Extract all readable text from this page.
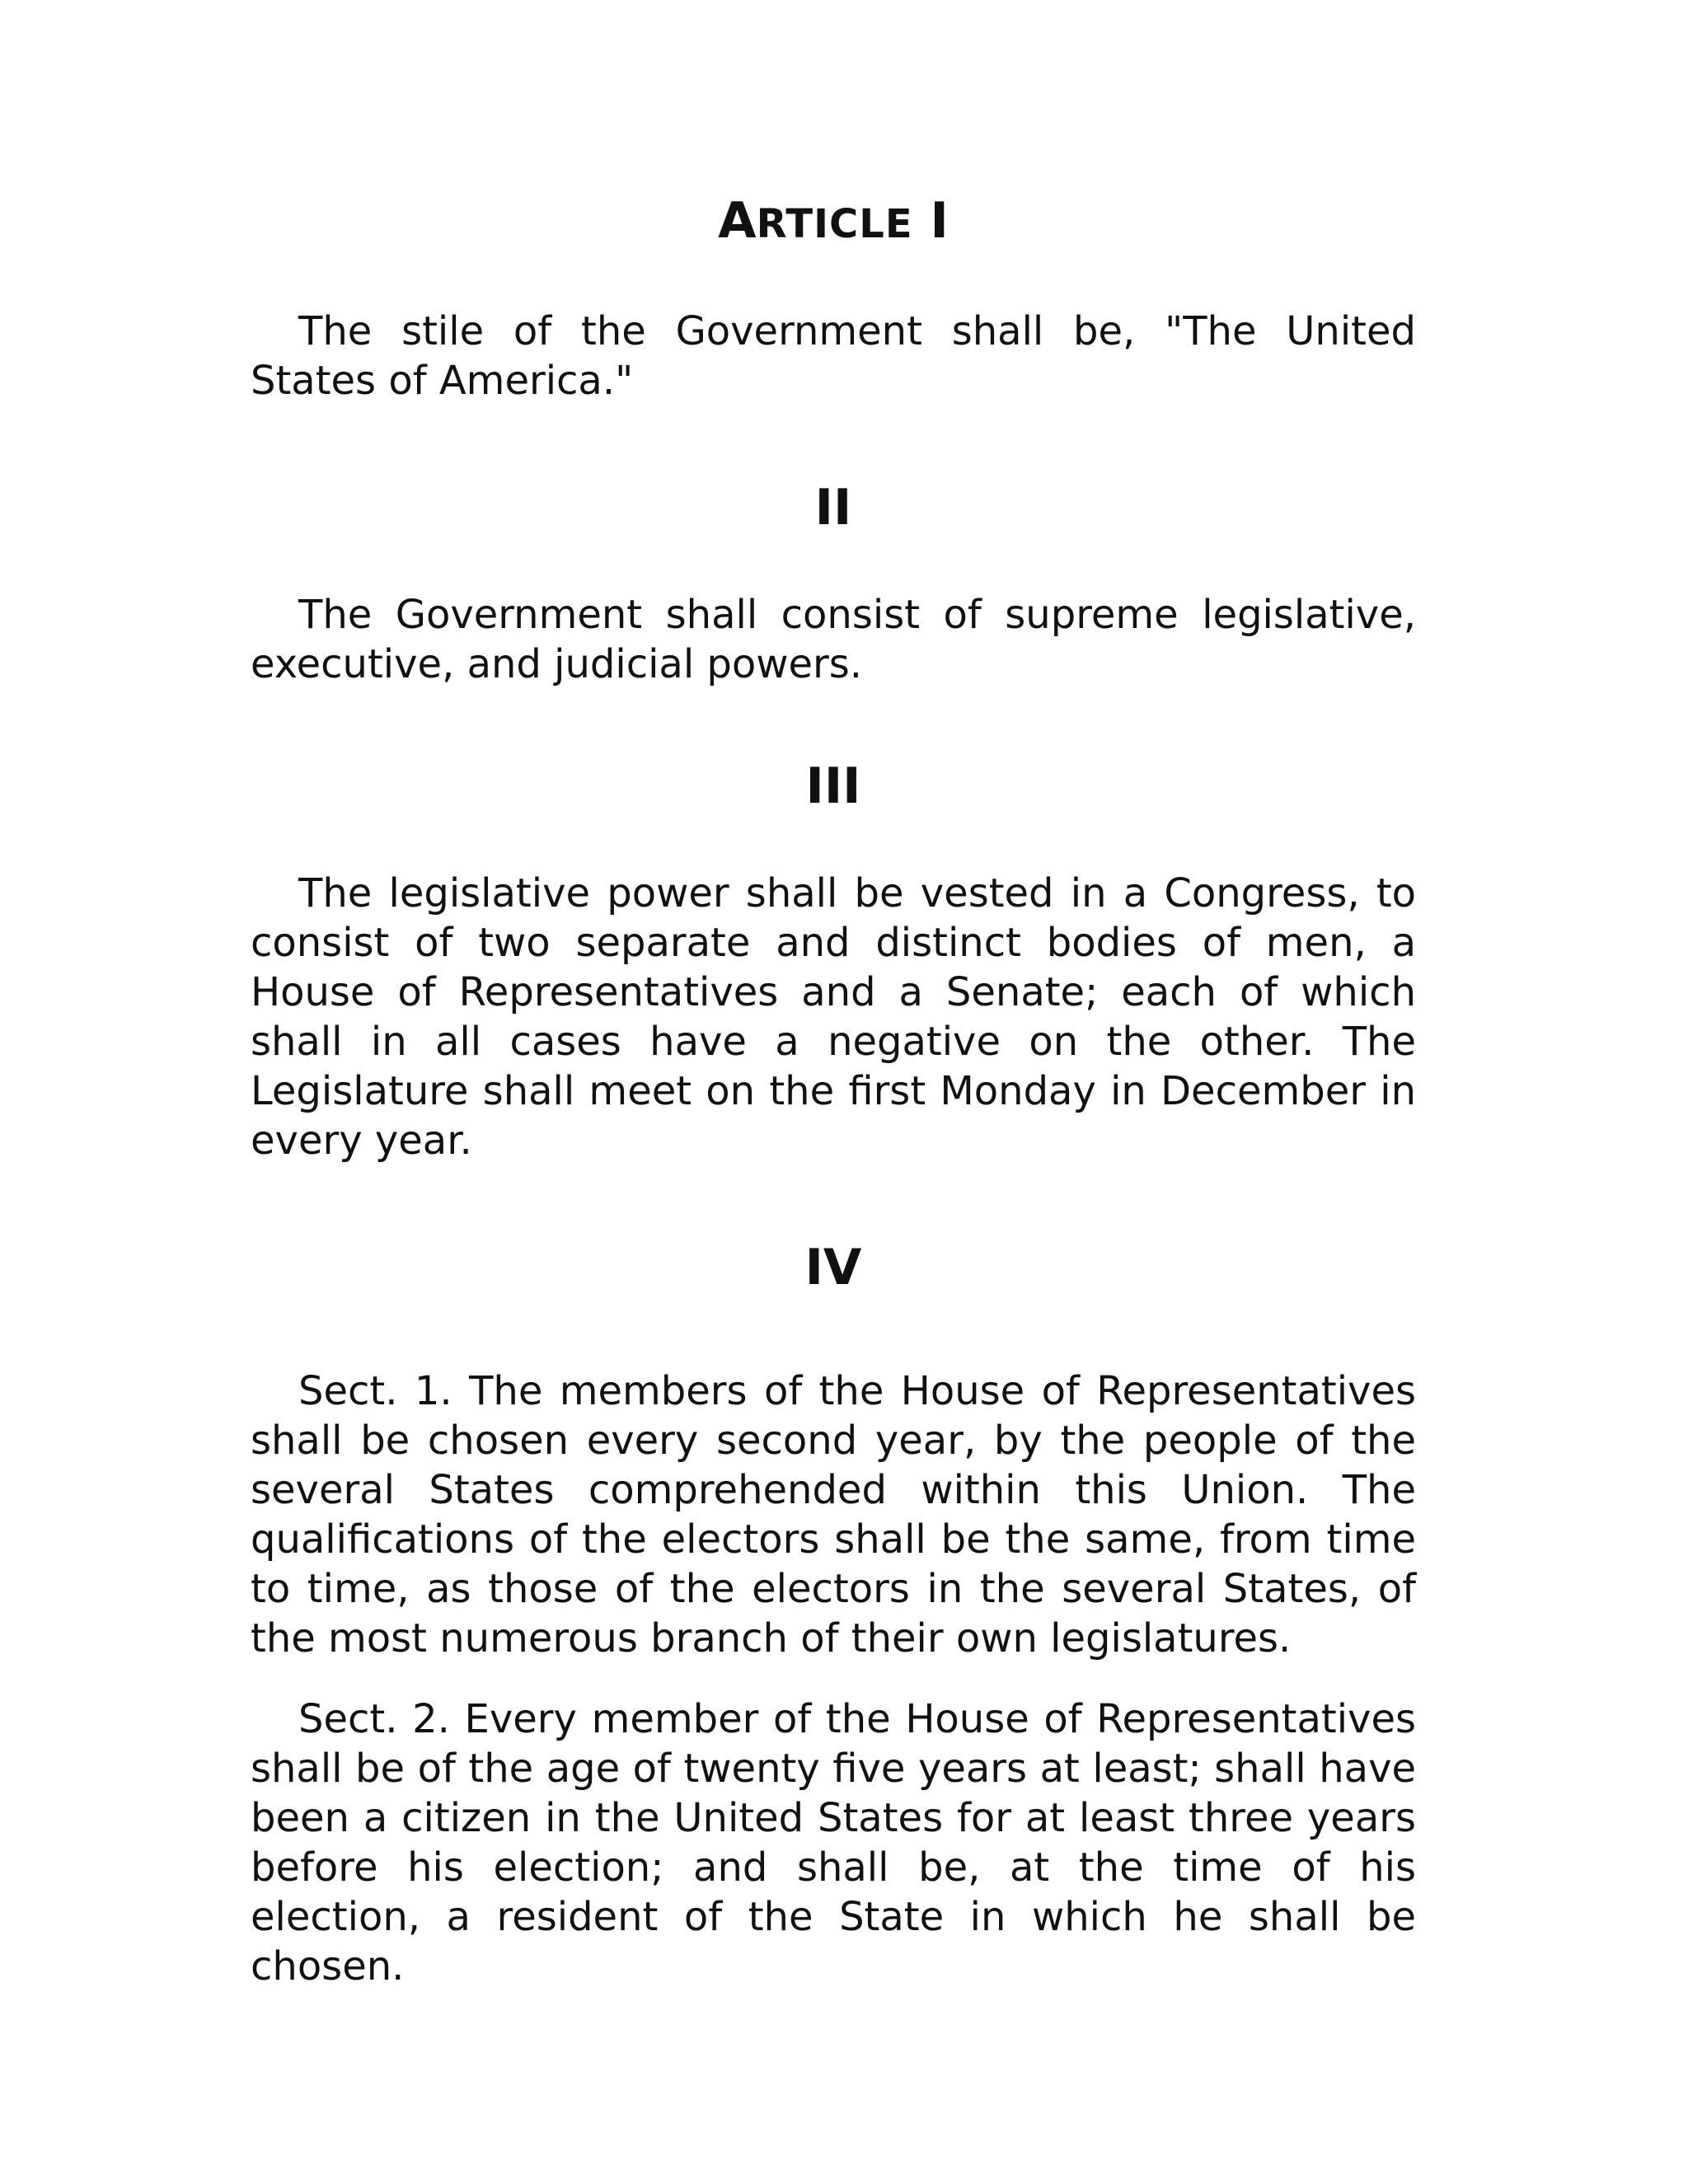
ARTICLE I

The stile of the Government shall be, "The United States of America."

II

The Government shall consist of supreme legislative, executive, and judicial powers.

III

The legislative power shall be vested in a Congress, to consist of two separate and distinct bodies of men, a House of Representatives and a Senate; each of which shall in all cases have a negative on the other. The Legislature shall meet on the first Monday in December in every year.

IV

Sect. 1. The members of the House of Representatives shall be chosen every second year, by the people of the several States comprehended within this Union. The qualifications of the electors shall be the same, from time to time, as those of the electors in the several States, of the most numerous branch of their own legislatures.

Sect. 2. Every member of the House of Representatives shall be of the age of twenty five years at least; shall have been a citizen in the United States for at least three years before his election; and shall be, at the time of his election, a resident of the State in which he shall be chosen.
